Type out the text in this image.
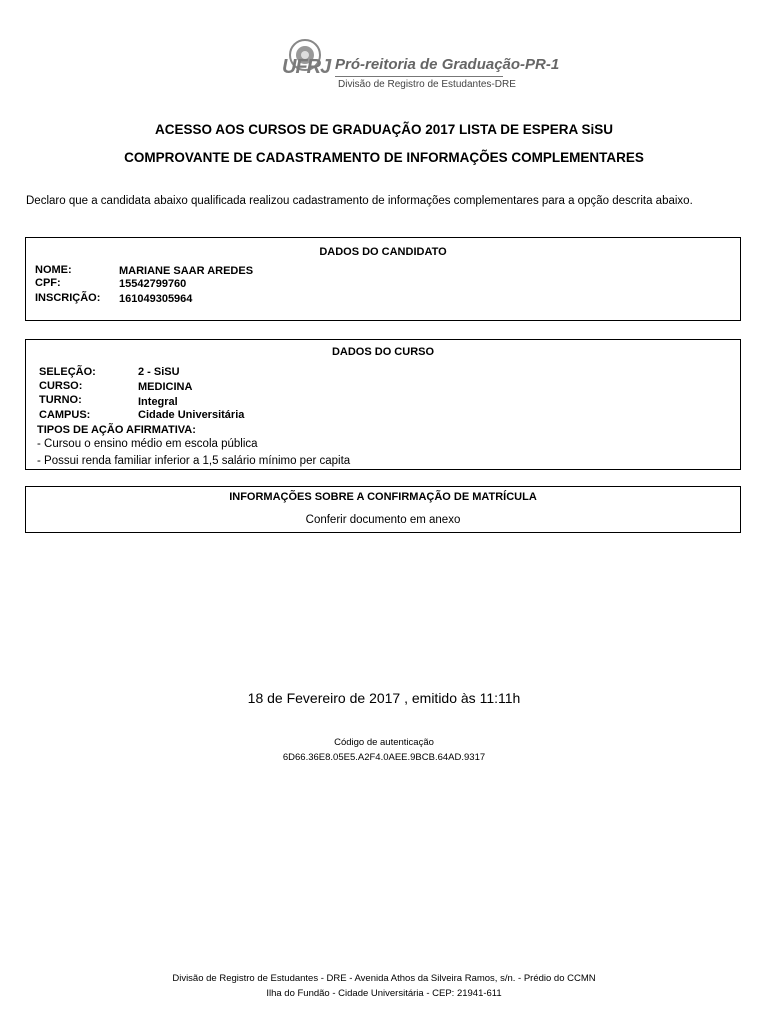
UFRJ Pró-reitoria de Graduação-PR-1
Divisão de Registro de Estudantes-DRE
ACESSO AOS CURSOS DE GRADUAÇÃO 2017 LISTA DE ESPERA SiSU
COMPROVANTE DE CADASTRAMENTO DE INFORMAÇÕES COMPLEMENTARES
Declaro que a candidata abaixo qualificada realizou cadastramento de informações complementares para a opção descrita abaixo.
DADOS DO CANDIDATO
NOME:	MARIANE SAAR AREDES
CPF:	15542799760
INSCRIÇÃO: 161049305964
DADOS DO CURSO
SELEÇÃO:	2 - SiSU
CURSO:	MEDICINA
TURNO:	Integral
CAMPUS:	Cidade Universitária
TIPOS DE AÇÃO AFIRMATIVA:
- Cursou o ensino médio em escola pública
- Possui renda familiar inferior a 1,5 salário mínimo per capita
INFORMAÇÕES SOBRE A CONFIRMAÇÃO DE MATRÍCULA
Conferir documento em anexo
18 de Fevereiro de 2017 , emitido às 11:11h
Código de autenticação
6D66.36E8.05E5.A2F4.0AEE.9BCB.64AD.9317
Divisão de Registro de Estudantes - DRE - Avenida Athos da Silveira Ramos, s/n. - Prédio do CCMN
Ilha do Fundão - Cidade Universitária - CEP: 21941-611
